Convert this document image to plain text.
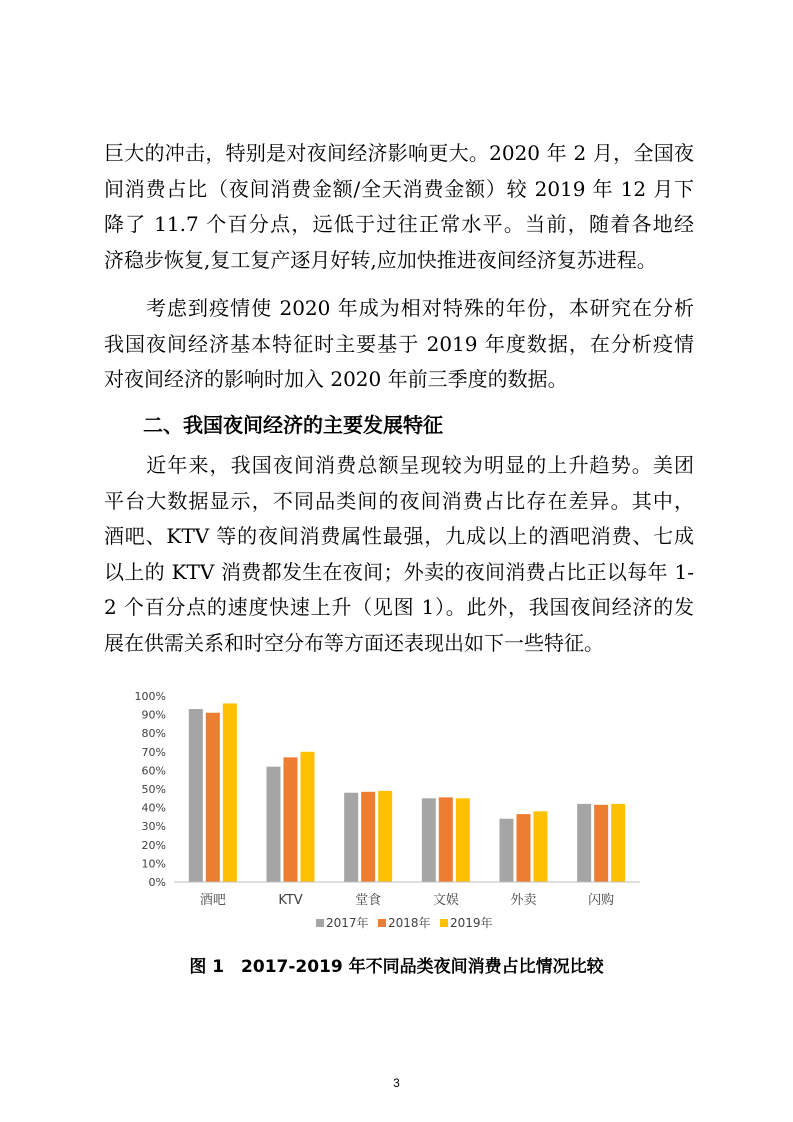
巨大的冲击，特别是对夜间经济影响更大。2020 年 2 月，全国夜
间消费占比（夜间消费金额/全天消费金额）较 2019 年 12 月下
降了 11.7 个百分点，远低于过往正常水平。当前，随着各地经
济稳步恢复,复工复产逐月好转,应加快推进夜间经济复苏进程。
　　考虑到疫情使 2020 年成为相对特殊的年份，本研究在分析
我国夜间经济基本特征时主要基于 2019 年度数据，在分析疫情
对夜间经济的影响时加入 2020 年前三季度的数据。
二、我国夜间经济的主要发展特征
　　近年来，我国夜间消费总额呈现较为明显的上升趋势。美团
平台大数据显示，不同品类间的夜间消费占比存在差异。其中，
酒吧、KTV 等的夜间消费属性最强，九成以上的酒吧消费、七成
以上的 KTV 消费都发生在夜间；外卖的夜间消费占比正以每年 1-
2 个百分点的速度快速上升（见图 1）。此外，我国夜间经济的发
展在供需关系和时空分布等方面还表现出如下一些特征。
0%
10%
20%
30%
40%
50%
60%
70%
80%
90%
100%
酒吧	KTV	堂食	文娱	外卖	闪购
2017年 2018年 2019年
图 1　2017-2019 年不同品类夜间消费占比情况比较
3
